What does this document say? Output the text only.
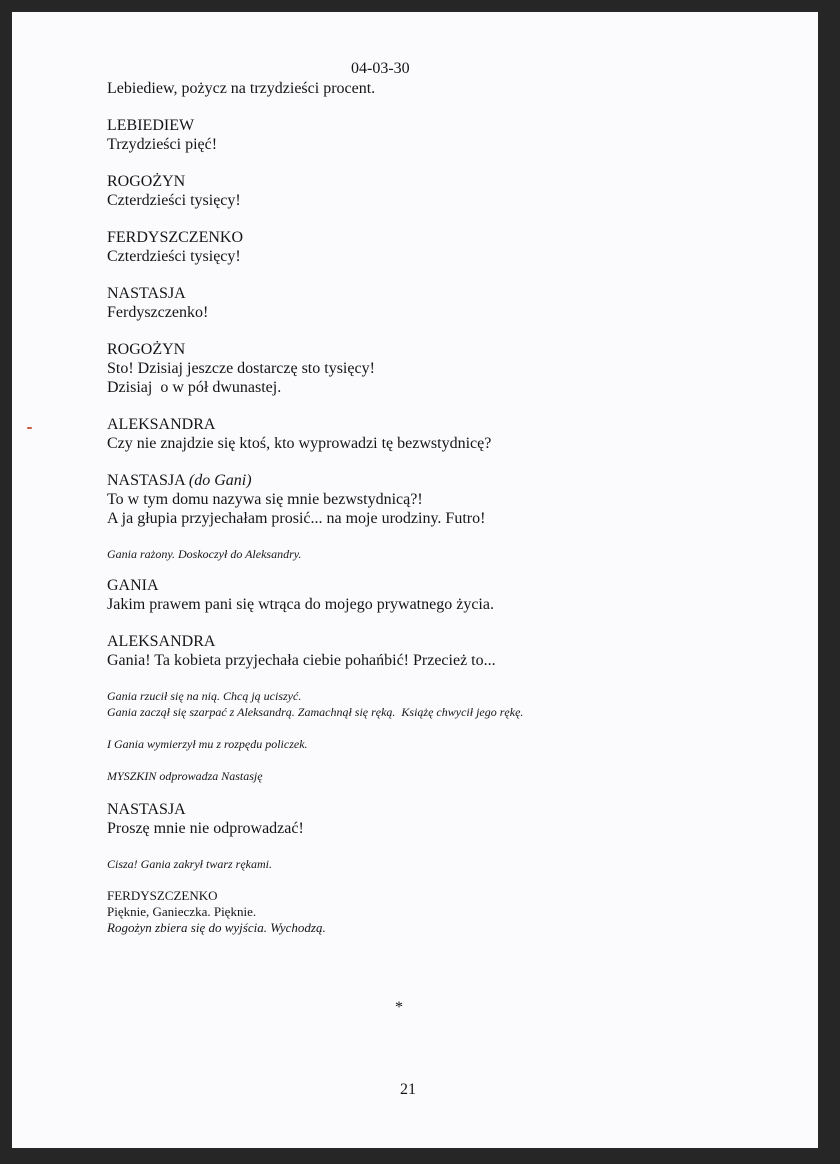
04-03-30
Lebiediew, pożycz na trzydzieści procent.
LEBIEDIEW
Trzydzieści pięć!
ROGOŻYN
Czterdzieści tysięcy!
FERDYSZCZENKO
Czterdzieści tysięcy!
NASTASJA
Ferdyszczenko!
ROGOŻYN
Sto! Dzisiaj jeszcze dostarczę sto tysięcy!
Dzisiaj  o w pół dwunastej.
ALEKSANDRA
Czy nie znajdzie się ktoś, kto wyprowadzi tę bezwstydnicę?
NASTASJA (do Gani)
To w tym domu nazywa się mnie bezwstydnicą?!
A ja głupia przyjechałam prosić... na moje urodziny. Futro!
Gania rażony. Doskoczył do Aleksandry.
GANIA
Jakim prawem pani się wtrąca do mojego prywatnego życia.
ALEKSANDRA
Gania! Ta kobieta przyjechała ciebie pohańbić! Przecież to...
Gania rzucił się na nią. Chcą ją uciszyć.
Gania zaczął się szarpać z Aleksandrą. Zamachnął się ręką.  Książę chwycił jego rękę.
I Gania wymierzył mu z rozpędu policzek.
MYSZKIN odprowadza Nastasję
NASTASJA
Proszę mnie nie odprowadzać!
Cisza! Gania zakrył twarz rękami.
FERDYSZCZENKO
Pięknie, Ganieczka. Pięknie.
Rogożyn zbiera się do wyjścia. Wychodzą.
*
21
